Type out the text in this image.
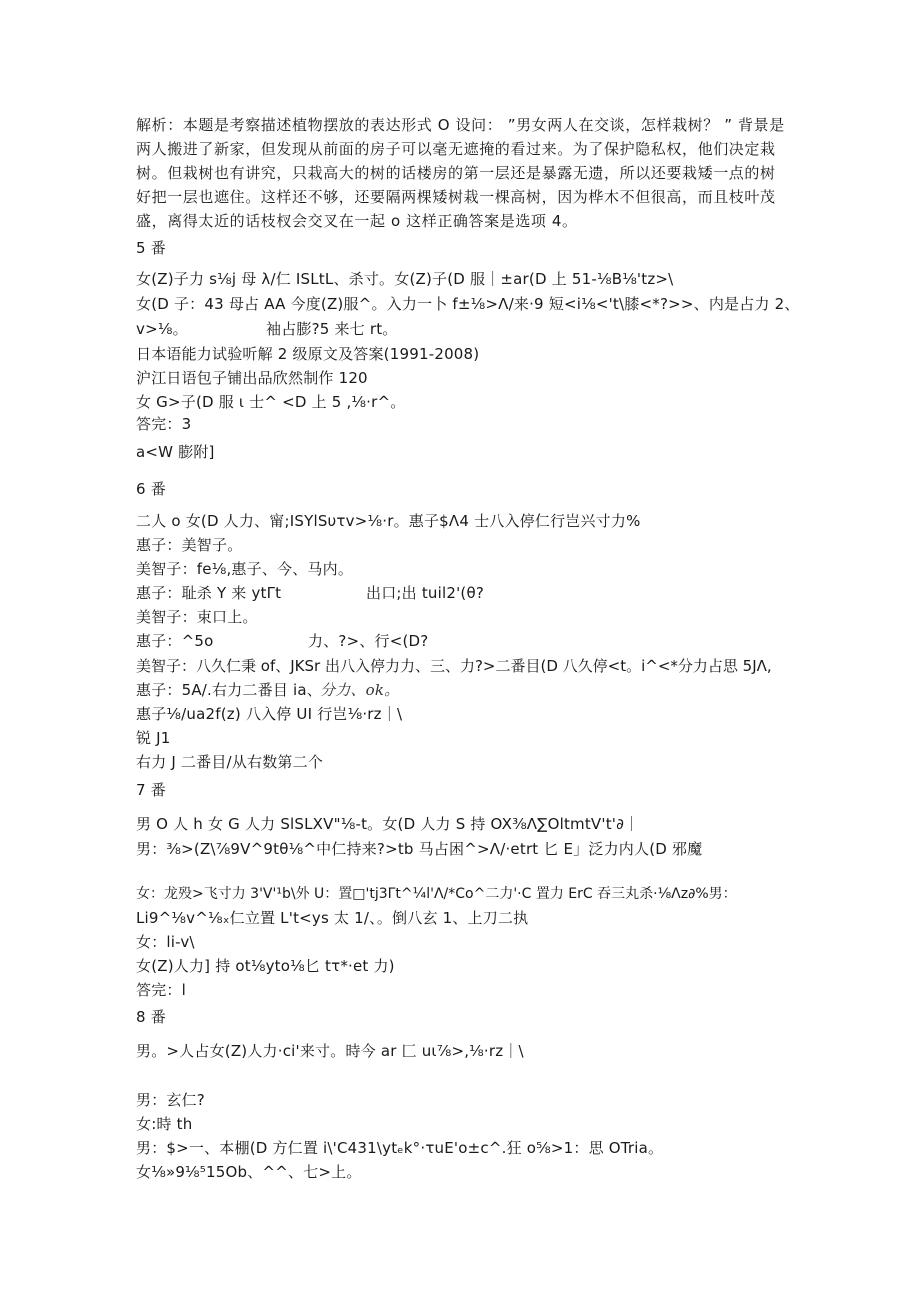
解析：本题是考察描述植物摆放的表达形式 O 设问： ”男女两人在交谈，怎样栽树？ ” 背景是
两人搬进了新家，但发现从前面的房子可以毫无遮掩的看过来。为了保护隐私权，他们决定栽
树。但栽树也有讲究，只栽高大的树的话楼房的第一层还是暴露无遗，所以还要栽矮一点的树
好把一层也遮住。这样还不够，还要隔两棵矮树栽一棵高树，因为桦木不但很高，而且枝叶茂
盛，离得太近的话枝杈会交叉在一起 o 这样正确答案是选项 4。
5 番
女(Z)子力 s⅛j 母 λ/仁 ISLtL、杀寸。女(Z)子(D 服｜±ar(D 上 51-⅛B⅛'tz>\
女(D 子：43 母占 AA 今度(Z)服^。入力一卜 f±⅛>Λ/来·9 短<i⅛<'t\膝<*?>>、内是占力 2、
v>⅛。	袖占膨?5 来七 rt。
日本语能力试验听解 2 级原文及答案(1991-2008)
沪江日语包子铺出品欣然制作 120
女 G>子(D 服 ι 士^ <D 上 5 ,⅛·r^。
答完：3
a<W 膨附]
6 番
二人 o 女(D 人力、甯;ISYlSυτv>⅛·r。惠子$Λ4 士八入停仁行岂兴寸力%
惠子：美智子。
美智子：fe⅛,惠子、今、马内。
惠子：耻杀 Y 来 ytΓt	出口;出 tuil2'(θ?
美智子：束口上。
惠子：^5o	力、?>、行<(D?
美智子：八久仁秉 of、JKSr 出八入停力力、三、力?>二番目(D 八久停<t。i^<*分力占思 5JΛ,
惠子：5A/.右力二番目 ia、
分力、ok。
惠子⅛/ua2f(z) 八入停 UI 行岂⅛·rz｜\
锐 J1
右力 J 二番目/从右数第二个
7 番
男 O 人 h 女 G 人力 SlSLXV"⅛-t。女(D 人力 S 持 OX⅜Λ∑OltmtV't'∂｜
男：⅜>(Z\⅞9V^9tθ⅛^中仁持来?>tb 马占困^>Λ/·etrt 匕 E」泛力内人(D 邪魔
女：龙殁>飞寸力 3'V'¹b\外 U：置□'tj3Γt^¼l'Λ/*Co^二力'·C 置力 ErC 吞三丸杀·⅛Λz∂%男：
Li9^⅛v^⅛ₓ仁立置 L't<ys 太 1/、。倒八玄 1、上刀二执
女：li-v\
女(Z)人力] 持 ot⅛yto⅛匕 tτ*·et 力)
答完：l
8 番
男。>人占女(Z)人力·ci'来寸。時今 ar 匚 uι⅞>,⅛·rz｜\
男：玄仁?
女:時 th
男：$>一、本棚(D 方仁置 i\'C431\ytₑk°·τuE'o±c^.狂 o⅝>1：思 OTria。
女⅛»9⅛⁵15Ob、^^、七>上。
